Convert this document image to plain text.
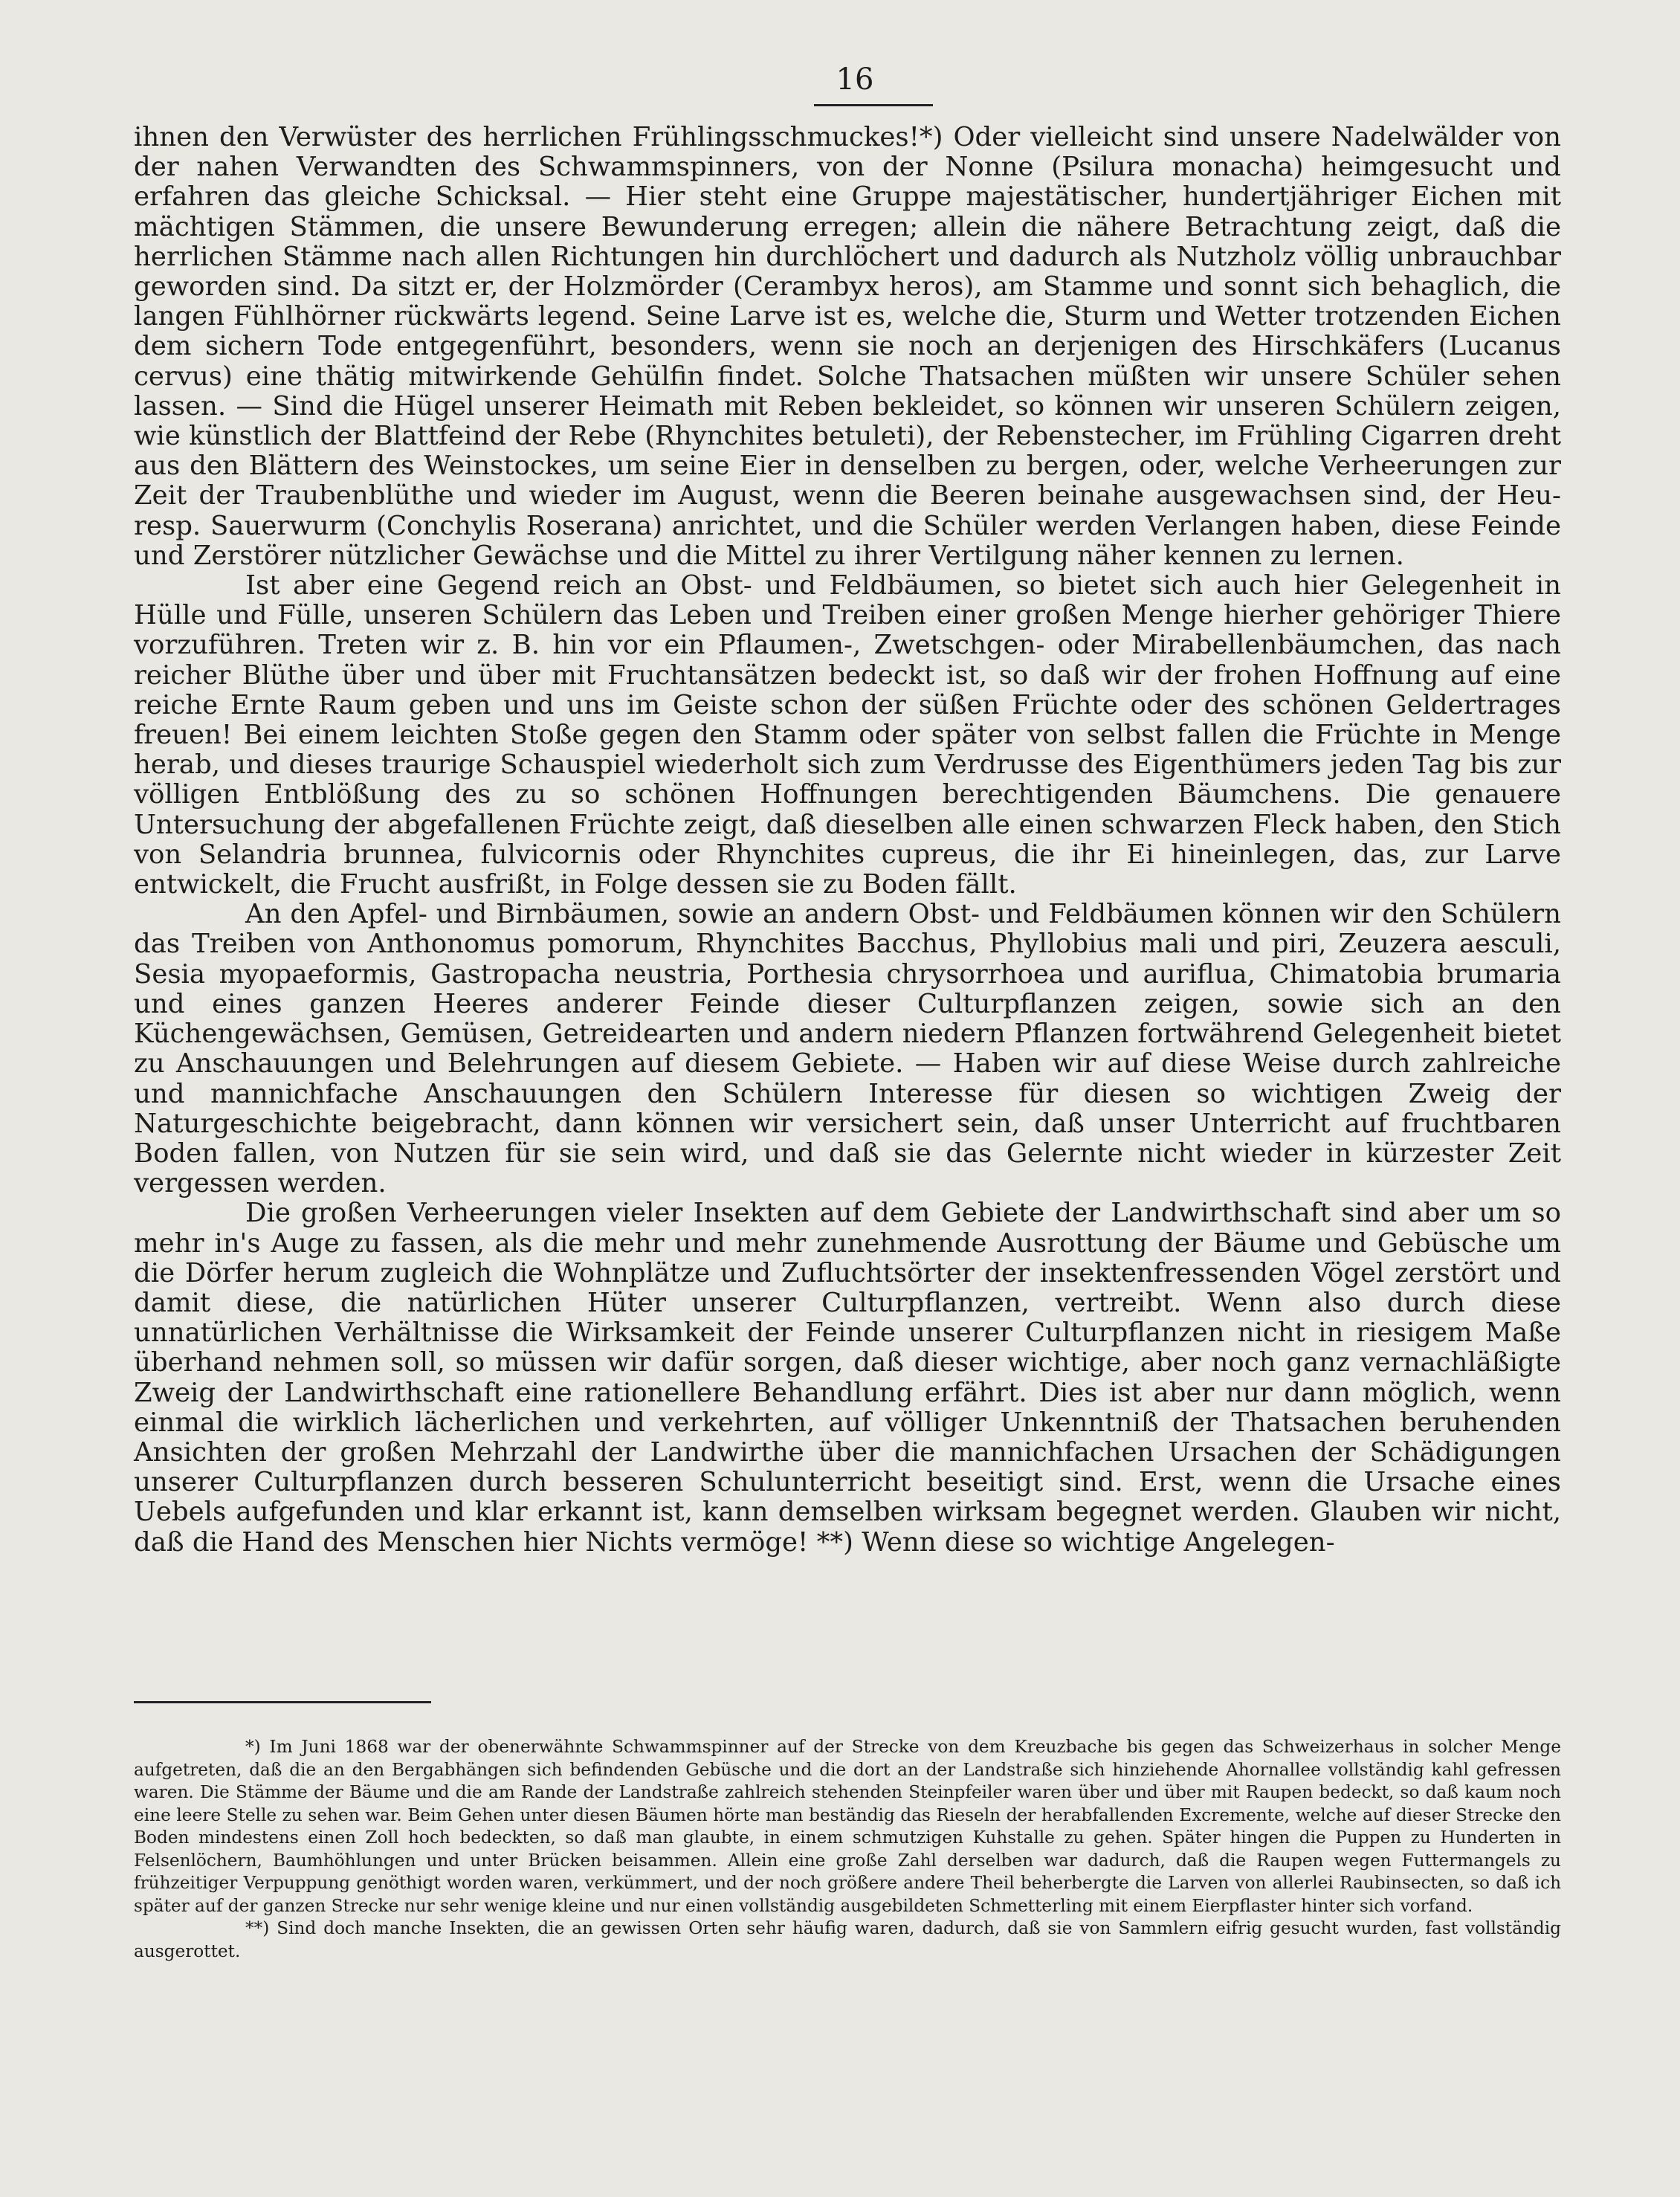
16

ihnen den Verwüster des herrlichen Frühlingsschmuckes!*) Oder vielleicht sind unsere Nadelwälder von der nahen Verwandten des Schwammspinners, von der Nonne (Psilura monacha) heimgesucht und erfahren das gleiche Schicksal. — Hier steht eine Gruppe majestätischer, hundertjähriger Eichen mit mächtigen Stämmen, die unsere Bewunderung erregen; allein die nähere Betrachtung zeigt, daß die herrlichen Stämme nach allen Richtungen hin durchlöchert und dadurch als Nutzholz völlig unbrauchbar geworden sind. Da sitzt er, der Holzmörder (Cerambyx heros), am Stamme und sonnt sich behaglich, die langen Fühlhörner rückwärts legend. Seine Larve ist es, welche die, Sturm und Wetter trotzenden Eichen dem sichern Tode entgegenführt, besonders, wenn sie noch an derjenigen des Hirschkäfers (Lucanus cervus) eine thätig mitwirkende Gehülfin findet. Solche Thatsachen müßten wir unsere Schüler sehen lassen. — Sind die Hügel unserer Heimath mit Reben bekleidet, so können wir unseren Schülern zeigen, wie künstlich der Blattfeind der Rebe (Rhynchites betuleti), der Rebenstecher, im Frühling Cigarren dreht aus den Blättern des Weinstockes, um seine Eier in denselben zu bergen, oder, welche Verheerungen zur Zeit der Traubenblüthe und wieder im August, wenn die Beeren beinahe ausgewachsen sind, der Heu- resp. Sauerwurm (Conchylis Roserana) anrichtet, und die Schüler werden Verlangen haben, diese Feinde und Zerstörer nützlicher Gewächse und die Mittel zu ihrer Vertilgung näher kennen zu lernen.

Ist aber eine Gegend reich an Obst- und Feldbäumen, so bietet sich auch hier Gelegenheit in Hülle und Fülle, unseren Schülern das Leben und Treiben einer großen Menge hierher gehöriger Thiere vorzuführen. Treten wir z. B. hin vor ein Pflaumen-, Zwetschgen- oder Mirabellenbäumchen, das nach reicher Blüthe über und über mit Fruchtansätzen bedeckt ist, so daß wir der frohen Hoffnung auf eine reiche Ernte Raum geben und uns im Geiste schon der süßen Früchte oder des schönen Geldertrages freuen! Bei einem leichten Stoße gegen den Stamm oder später von selbst fallen die Früchte in Menge herab, und dieses traurige Schauspiel wiederholt sich zum Verdrusse des Eigenthümers jeden Tag bis zur völligen Entblößung des zu so schönen Hoffnungen berechtigenden Bäumchens. Die genauere Untersuchung der abgefallenen Früchte zeigt, daß dieselben alle einen schwarzen Fleck haben, den Stich von Selandria brunnea, fulvicornis oder Rhynchites cupreus, die ihr Ei hineinlegen, das, zur Larve entwickelt, die Frucht ausfrißt, in Folge dessen sie zu Boden fällt.

An den Apfel- und Birnbäumen, sowie an andern Obst- und Feldbäumen können wir den Schülern das Treiben von Anthonomus pomorum, Rhynchites Bacchus, Phyllobius mali und piri, Zeuzera aesculi, Sesia myopaeformis, Gastropacha neustria, Porthesia chrysorrhoea und auriflua, Chimatobia brumaria und eines ganzen Heeres anderer Feinde dieser Culturpflanzen zeigen, sowie sich an den Küchengewächsen, Gemüsen, Getreidearten und andern niedern Pflanzen fortwährend Gelegenheit bietet zu Anschauungen und Belehrungen auf diesem Gebiete. — Haben wir auf diese Weise durch zahlreiche und mannichfache Anschauungen den Schülern Interesse für diesen so wichtigen Zweig der Naturgeschichte beigebracht, dann können wir versichert sein, daß unser Unterricht auf fruchtbaren Boden fallen, von Nutzen für sie sein wird, und daß sie das Gelernte nicht wieder in kürzester Zeit vergessen werden.

Die großen Verheerungen vieler Insekten auf dem Gebiete der Landwirthschaft sind aber um so mehr in's Auge zu fassen, als die mehr und mehr zunehmende Ausrottung der Bäume und Gebüsche um die Dörfer herum zugleich die Wohnplätze und Zufluchtsörter der insektenfressenden Vögel zerstört und damit diese, die natürlichen Hüter unserer Culturpflanzen, vertreibt. Wenn also durch diese unnatürlichen Verhältnisse die Wirksamkeit der Feinde unserer Culturpflanzen nicht in riesigem Maße überhand nehmen soll, so müssen wir dafür sorgen, daß dieser wichtige, aber noch ganz vernachläßigte Zweig der Landwirthschaft eine rationellere Behandlung erfährt. Dies ist aber nur dann möglich, wenn einmal die wirklich lächerlichen und verkehrten, auf völliger Unkenntniß der Thatsachen beruhenden Ansichten der großen Mehrzahl der Landwirthe über die mannichfachen Ursachen der Schädigungen unserer Culturpflanzen durch besseren Schulunterricht beseitigt sind. Erst, wenn die Ursache eines Uebels aufgefunden und klar erkannt ist, kann demselben wirksam begegnet werden. Glauben wir nicht, daß die Hand des Menschen hier Nichts vermöge! **) Wenn diese so wichtige Angelegen-

*) Im Juni 1868 war der obenerwähnte Schwammspinner auf der Strecke von dem Kreuzbache bis gegen das Schweizerhaus in solcher Menge aufgetreten, daß die an den Bergabhängen sich befindenden Gebüsche und die dort an der Landstraße sich hinziehende Ahornallee vollständig kahl gefressen waren. Die Stämme der Bäume und die am Rande der Landstraße zahlreich stehenden Steinpfeiler waren über und über mit Raupen bedeckt, so daß kaum noch eine leere Stelle zu sehen war. Beim Gehen unter diesen Bäumen hörte man beständig das Rieseln der herabfallenden Excremente, welche auf dieser Strecke den Boden mindestens einen Zoll hoch bedeckten, so daß man glaubte, in einem schmutzigen Kuhstalle zu gehen. Später hingen die Puppen zu Hunderten in Felsenlöchern, Baumhöhlungen und unter Brücken beisammen. Allein eine große Zahl derselben war dadurch, daß die Raupen wegen Futtermangels zu frühzeitiger Verpuppung genöthigt worden waren, verkümmert, und der noch größere andere Theil beherbergte die Larven von allerlei Raubinsecten, so daß ich später auf der ganzen Strecke nur sehr wenige kleine und nur einen vollständig ausgebildeten Schmetterling mit einem Eierpflaster hinter sich vorfand.

**) Sind doch manche Insekten, die an gewissen Orten sehr häufig waren, dadurch, daß sie von Sammlern eifrig gesucht wurden, fast vollständig ausgerottet.
